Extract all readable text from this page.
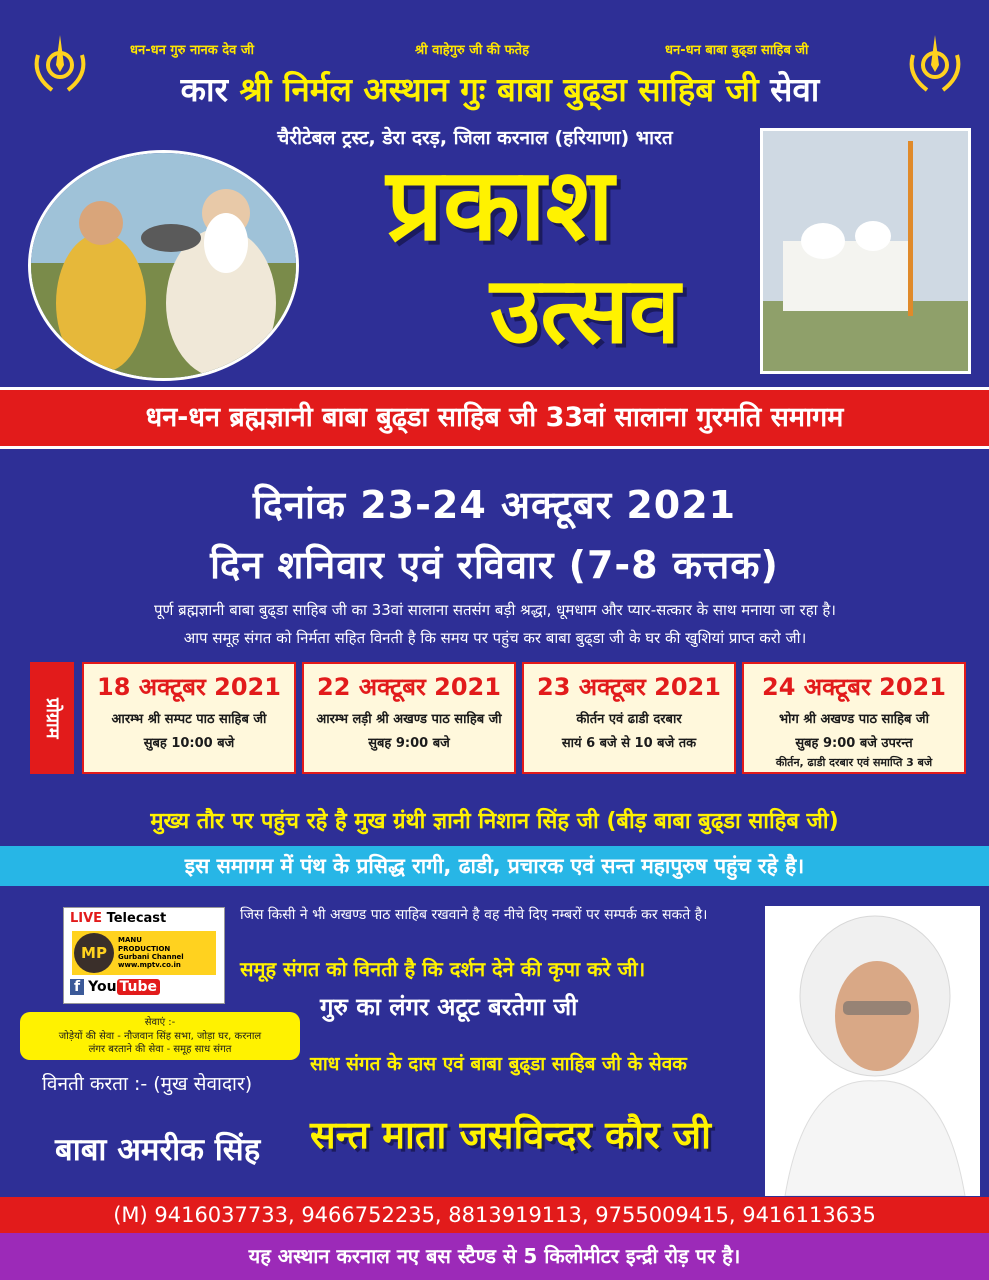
धन-धन गुरु नानक देव जी	श्री वाहेगुरु जी की फतेह	धन-धन बाबा बुढ्डा साहिब जी
कार श्री निर्मल अस्थान गुः बाबा बुढ्डा साहिब जी सेवा
चैरीटेबल ट्रस्ट, डेरा दरड़, जिला करनाल (हरियाणा) भारत
प्रकाश
उत्सव
धन-धन ब्रह्मज्ञानी बाबा बुढ्डा साहिब जी 33वां सालाना गुरमति समागम
दिनांक 23-24 अक्टूबर 2021
दिन शनिवार एवं रविवार (7-8 कत्तक)
पूर्ण ब्रह्मज्ञानी बाबा बुढ्डा साहिब जी का 33वां सालाना सतसंग बड़ी श्रद्धा, धूमधाम और प्यार-सत्कार के साथ मनाया जा रहा है।
आप समूह संगत को निर्मता सहित विनती है कि समय पर पहुंच कर बाबा बुढ्डा जी के घर की खुशियां प्राप्त करो जी।
प्रोग्राम
18 अक्टूबर 2021
आरम्भ श्री सम्पट पाठ साहिब जी
सुबह 10:00 बजे
22 अक्टूबर 2021
आरम्भ लड़ी श्री अखण्ड पाठ साहिब जी
सुबह 9:00 बजे
23 अक्टूबर 2021
कीर्तन एवं ढाडी दरबार
सायं 6 बजे से 10 बजे तक
24 अक्टूबर 2021
भोग श्री अखण्ड पाठ साहिब जी
सुबह 9:00 बजे उपरन्त
कीर्तन, ढाडी दरबार एवं समाप्ति 3 बजे
मुख्य तौर पर पहुंच रहे है मुख ग्रंथी ज्ञानी निशान सिंह जी (बीड़ बाबा बुढ्डा साहिब जी)
इस समागम में पंथ के प्रसिद्ध रागी, ढाडी, प्रचारक एवं सन्त महापुरुष पहुंच रहे है।
LIVE Telecast
MP
MANU
PRODUCTION
Gurbani Channel
www.mptv.co.in
f You Tube
सेवाएं :-
जोड़ेयों की सेवा - नौजवान सिंह सभा, जोड़ा घर, करनाल
लंगर बरताने की सेवा - समूह साध संगत
विनती करता :- (मुख सेवादार)
बाबा अमरीक सिंह
जिस किसी ने भी अखण्ड पाठ साहिब रखवाने है वह नीचे दिए नम्बरों पर सम्पर्क कर सकते है।
समूह संगत को विनती है कि दर्शन देने की कृपा करे जी।
गुरु का लंगर अटूट बरतेगा जी
साध संगत के दास एवं बाबा बुढ्डा साहिब जी के सेवक
सन्त माता जसविन्दर कौर जी
(M) 9416037733, 9466752235, 8813919113, 9755009415, 9416113635
यह अस्थान करनाल नए बस स्टैण्ड से 5 किलोमीटर इन्द्री रोड़ पर है।
